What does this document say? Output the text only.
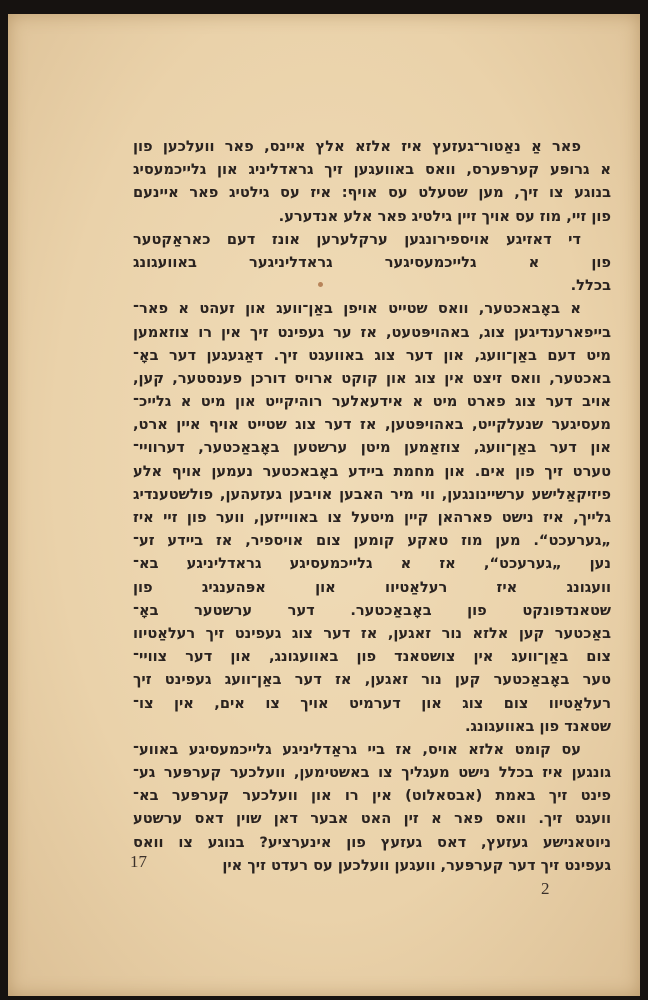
פאר אַ נאַטור־געזעץ איז אלזא אלץ איינס, פאר וועלכען פון
א גרופּע קערפּערס, וואס באוועגען זיך גראדליניג און גלייכמעסיג
בנוגע צו זיך, מען שטעלט עס אויף: איז עס גילטיג פאר איינעם
פון זיי, מוז עס אויך זיין גילטיג פאר אלע אנדערע.
די דאזיגע אויספירונגען ערקלערען אונז דעם כאראַקטער
פון א גלייכמעסיגער גראדליניגער באוועגונג
בכלל.
א באָבאכטער, וואס שטייט אויפן באַן־וועג און זעהט א פאר־
בייפארענדיגען צוג, באהויפּטעט, אז ער געפינט זיך אין רו צוזאמען
מיט דעם באַן־וועג, און דער צוג באוועגט זיך. דאַגעגען דער באָ־
באכטער, וואס זיצט אין צוג און קוקט ארויס דורכן פענסטער, קען,
אויב דער צוג פארט מיט א אידעאלער רוהיקייט און מיט א גלייכ־
מעסיגער שנעלקייט, באהויפּטען, אז דער צוג שטייט אויף איין ארט,
און דער באַן־וועג, צוזאַמען מיטן ערשטען באָבאַכטער, דערוויי־
טערט זיך פון אים. און מחמת ביידע באָבאכטער נעמען אויף אלע
פיזיקאַלישע ערשיינונגען, ווי מיר האבען אויבען געזעהען, פולשטענדיג
גלייך, איז נישט פארהאן קיין מיטעל צו באווייזען, ווער פון זיי איז
„גערעכט“. מען מוז טאקע קומען צום אויספיר, אז ביידע זע־
נען „גערעכט“, אז א גלייכמעסיגע גראדליניגע בא־
וועגונג איז רעלאַטיוו און אפּהענגיג פון
שטאנדפּונקט פון באָבאַכטער. דער ערשטער באָ־
באַכטער קען אלזא נור זאגען, אז דער צוג געפינט זיך רעלאַטיוו
צום באַן־וועג אין צושטאנד פון באוועגונג, און דער צוויי־
טער באָבאַכטער קען נור זאגען, אז דער באַן־וועג געפינט זיך
רעלאַטיוו צום צוג און דערמיט אויך צו אים, אין צו־
שטאנד פון באוועגונג.
עס קומט אלזא אויס, אז ביי גראַדליניגע גלייכמעסיגע באווע־
גונגען איז בכלל נישט מעגליך צו באשטימען, וועלכער קערפּער גע־
פינט זיך באמת (אבסאלוט) אין רו און וועלכער קערפּער בא־
וועגט זיך. וואס פאר א זין האט אבער דאן שוין דאס ערשטע
ניוטאנישע געזעץ, דאס געזעץ פון אינערציע? בנוגע צו וואס
געפינט זיך דער קערפּער, וועגען וועלכען עס רעדט זיך אין
17
2
